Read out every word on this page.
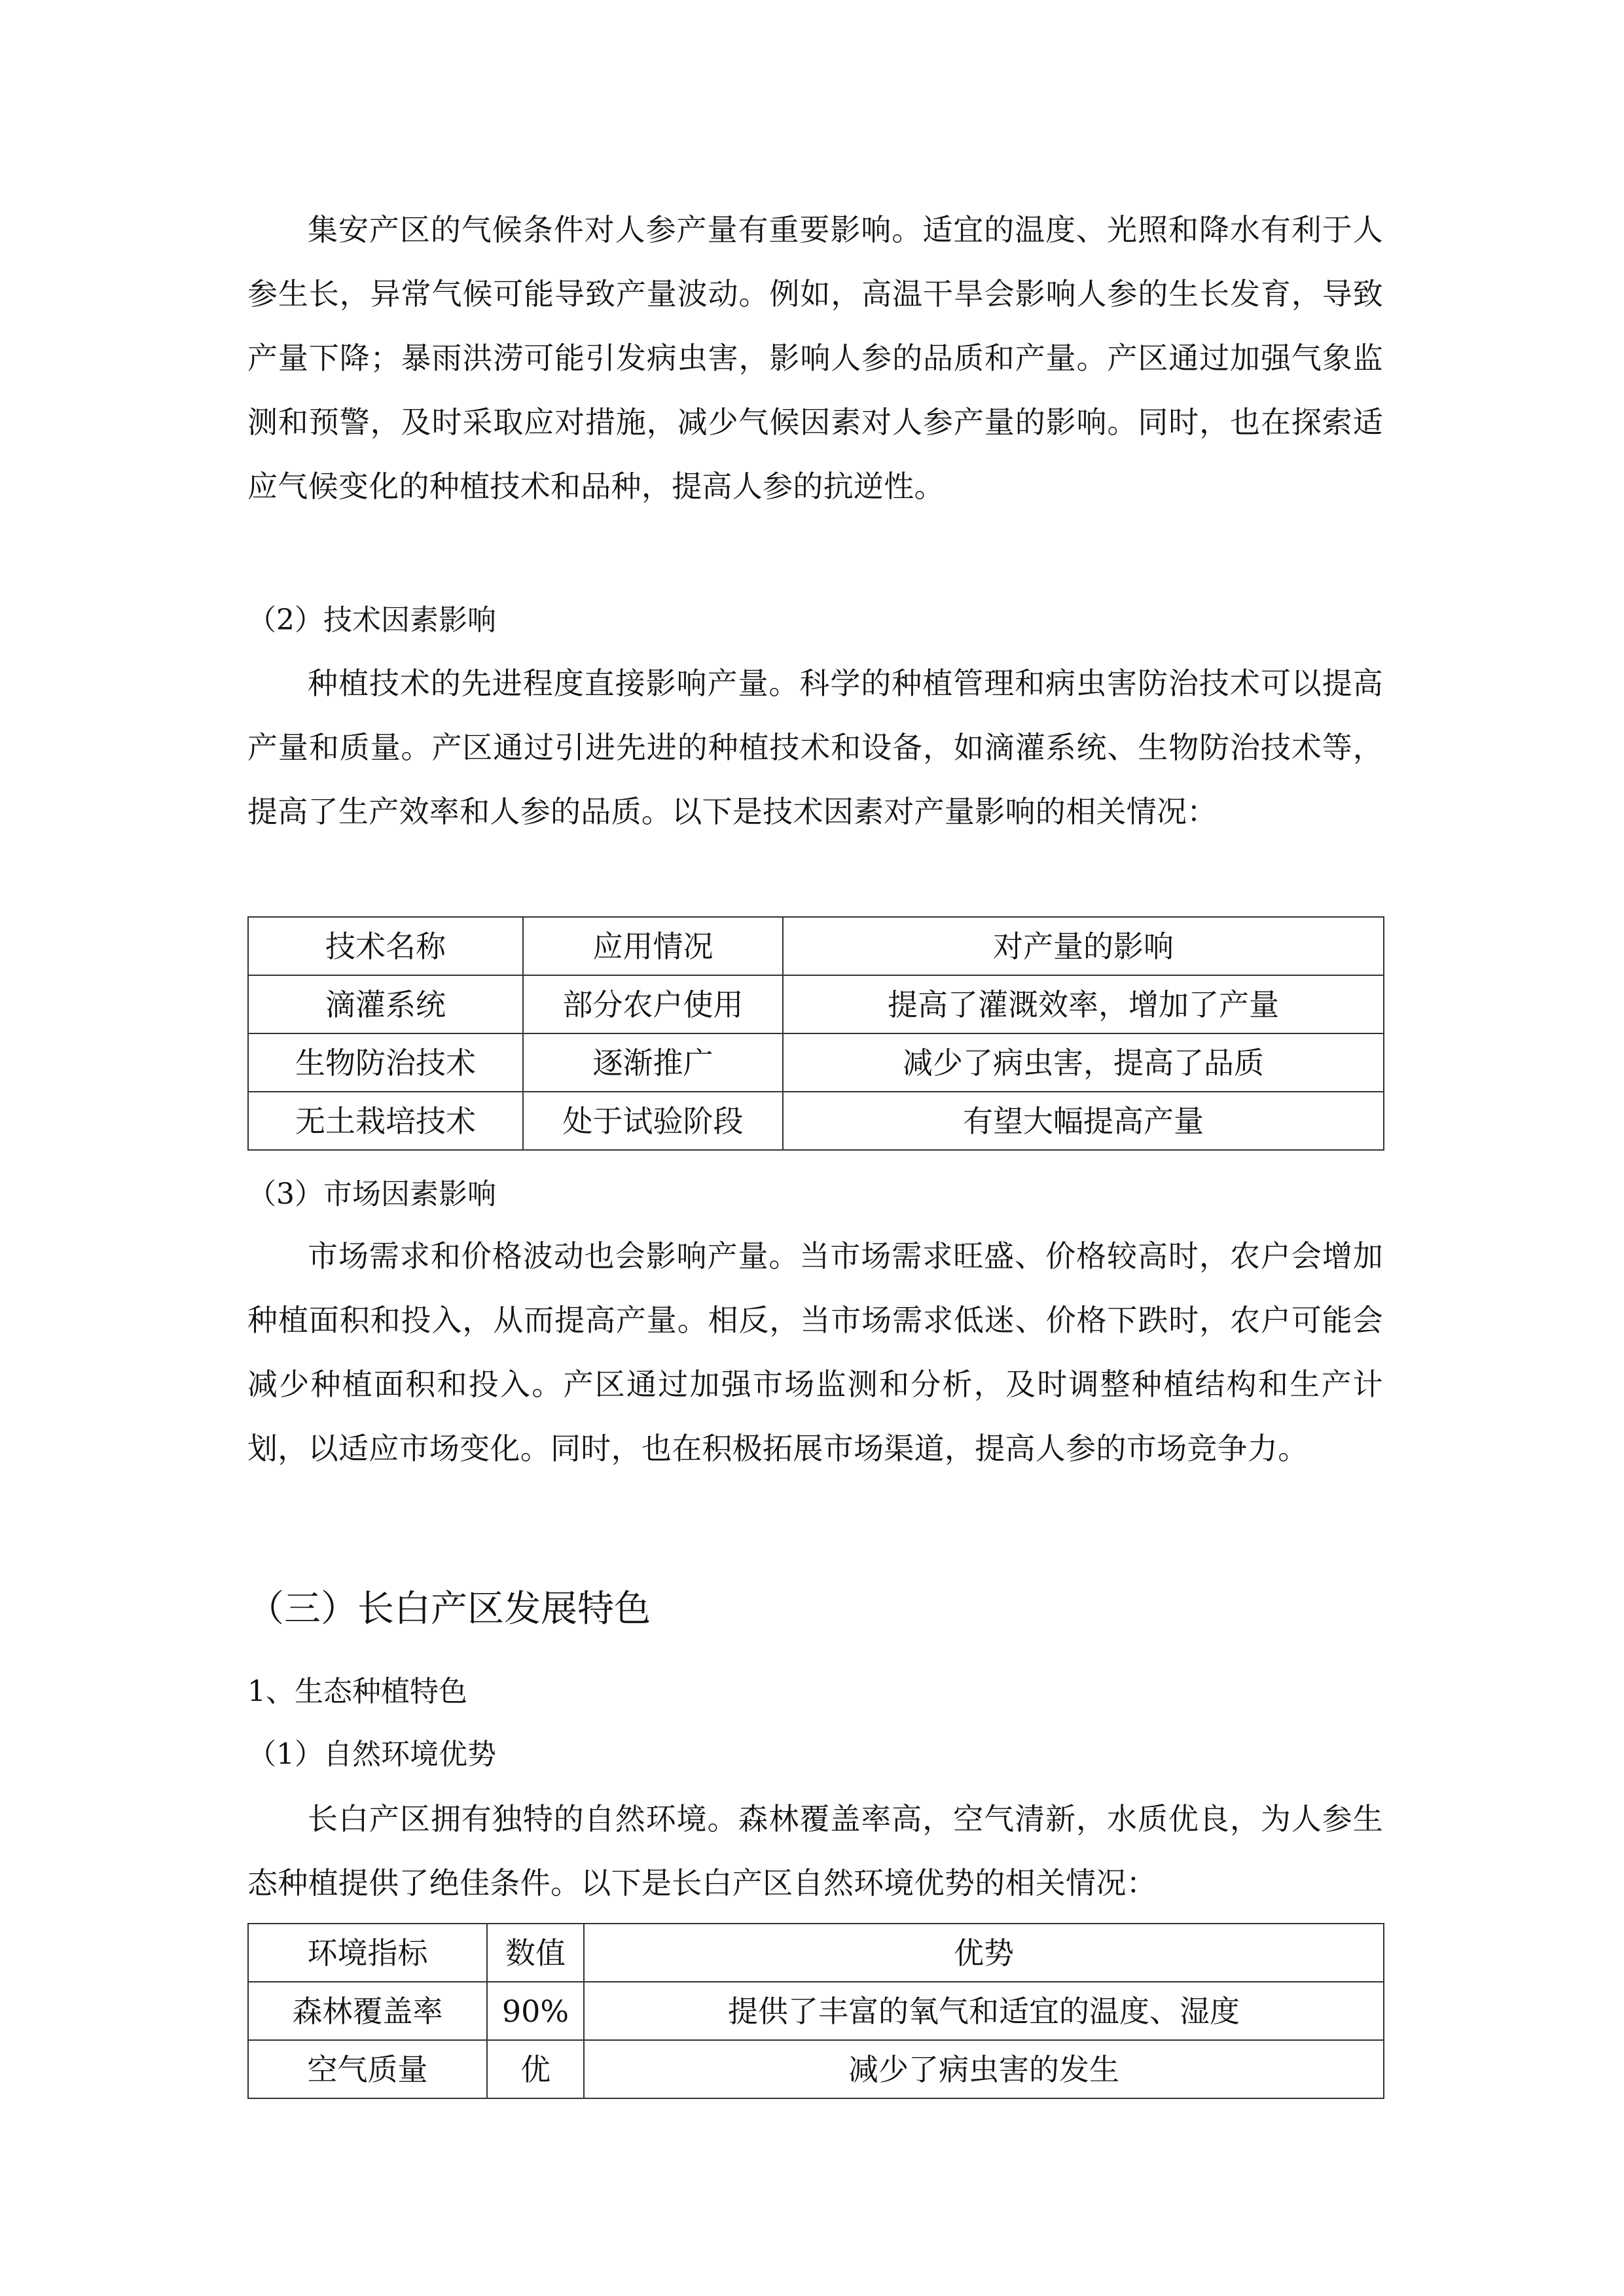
集安产区的气候条件对人参产量有重要影响。适宜的温度、光照和降水有利于人参生长，异常气候可能导致产量波动。例如，高温干旱会影响人参的生长发育，导致产量下降；暴雨洪涝可能引发病虫害，影响人参的品质和产量。产区通过加强气象监测和预警，及时采取应对措施，减少气候因素对人参产量的影响。同时，也在探索适应气候变化的种植技术和品种，提高人参的抗逆性。

（2）技术因素影响

种植技术的先进程度直接影响产量。科学的种植管理和病虫害防治技术可以提高产量和质量。产区通过引进先进的种植技术和设备，如滴灌系统、生物防治技术等，提高了生产效率和人参的品质。以下是技术因素对产量影响的相关情况：

技术名称	应用情况	对产量的影响
滴灌系统	部分农户使用	提高了灌溉效率，增加了产量
生物防治技术	逐渐推广	减少了病虫害，提高了品质
无土栽培技术	处于试验阶段	有望大幅提高产量
（3）市场因素影响

市场需求和价格波动也会影响产量。当市场需求旺盛、价格较高时，农户会增加种植面积和投入，从而提高产量。相反，当市场需求低迷、价格下跌时，农户可能会减少种植面积和投入。产区通过加强市场监测和分析，及时调整种植结构和生产计划，以适应市场变化。同时，也在积极拓展市场渠道，提高人参的市场竞争力。

（三）长白产区发展特色
1、生态种植特色
（1）自然环境优势

长白产区拥有独特的自然环境。森林覆盖率高，空气清新，水质优良，为人参生态种植提供了绝佳条件。以下是长白产区自然环境优势的相关情况：

环境指标	数值	优势
森林覆盖率	90%	提供了丰富的氧气和适宜的温度、湿度
空气质量	优	减少了病虫害的发生
